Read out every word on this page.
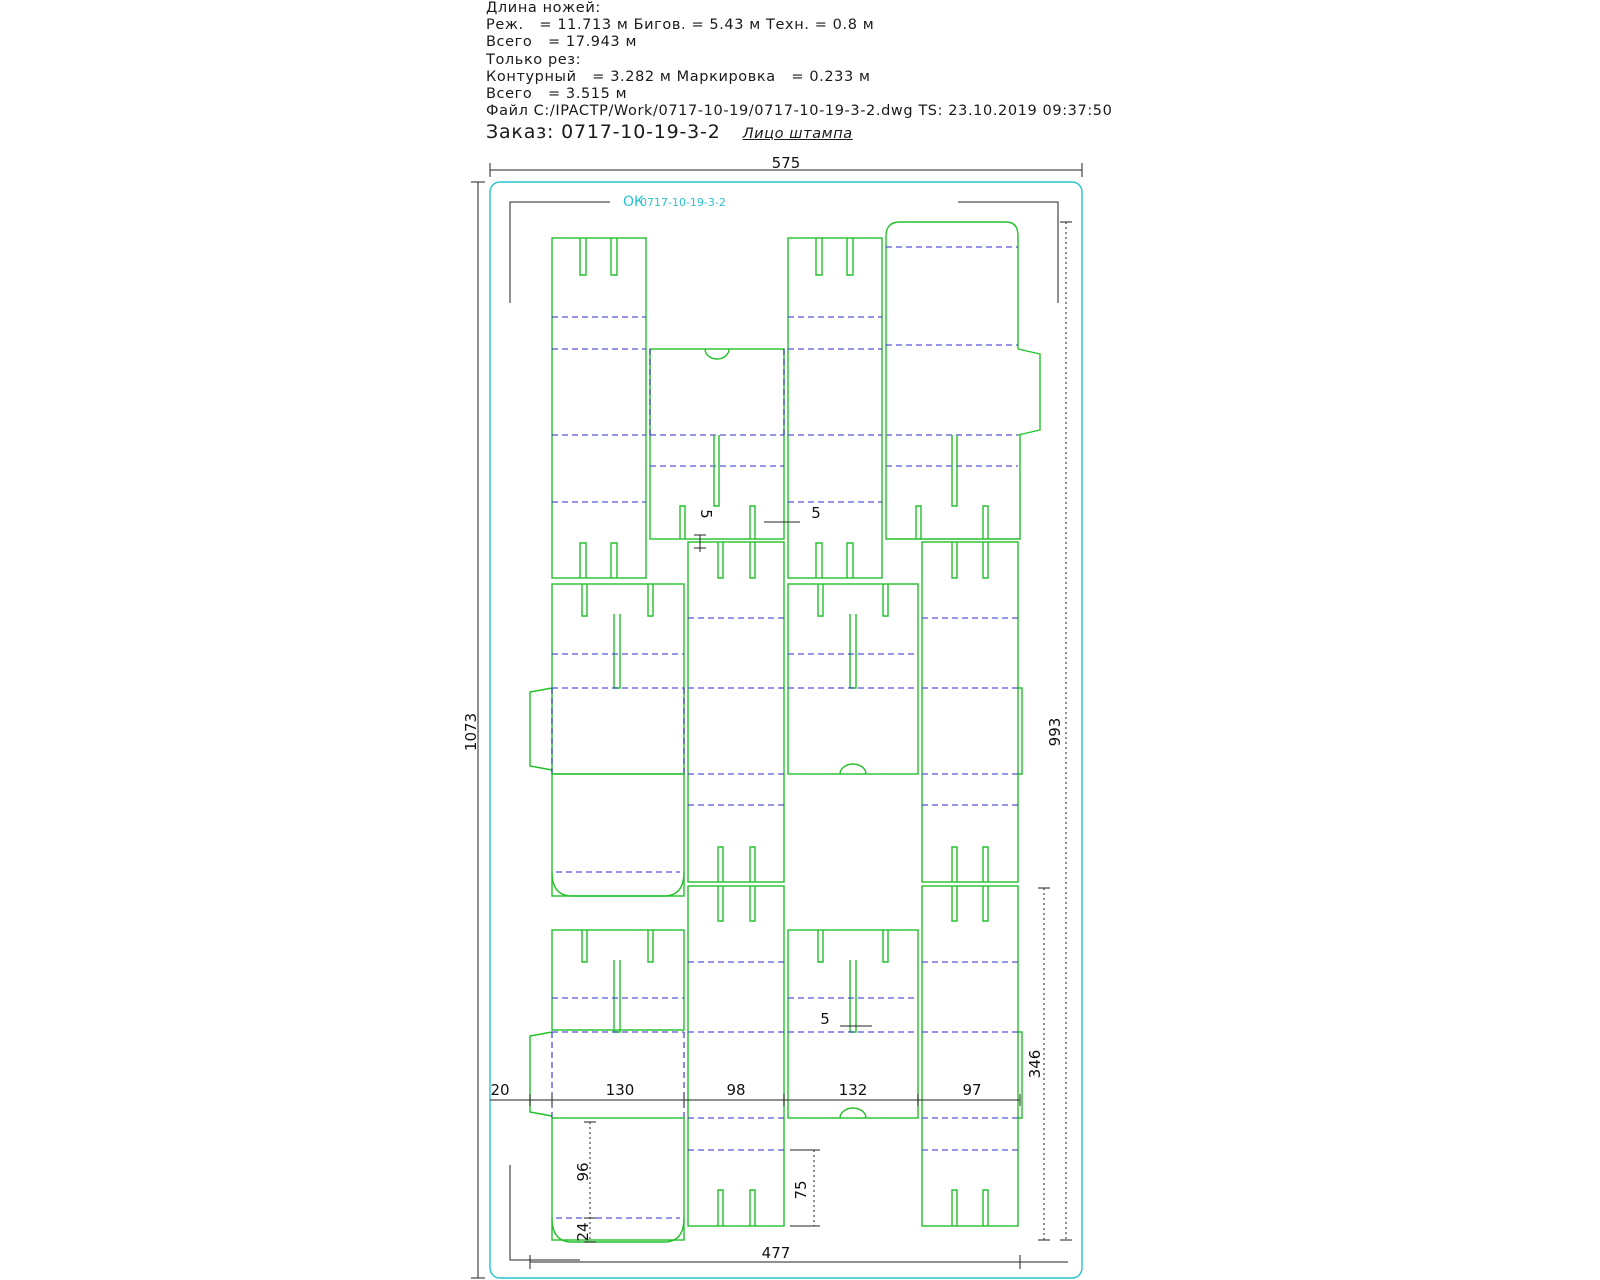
Длина ножей:
Реж.   = 11.713 м Бигов. = 5.43 м Техн. = 0.8 м
Всего   = 17.943 м
Только рез:
Контурный   = 3.282 м Маркировка   = 0.233 м
Всего   = 3.515 м
Файл C:/IPACTP/Work/0717-10-19/0717-10-19-3-2.dwg TS: 23.10.2019 09:37:50
Заказ: 0717-10-19-3-2 Лицо штампа
ОК
0717-10-19-3-2
575
1073	993
346
477
5	5
5
20	130	98	132	97
96
24
75
